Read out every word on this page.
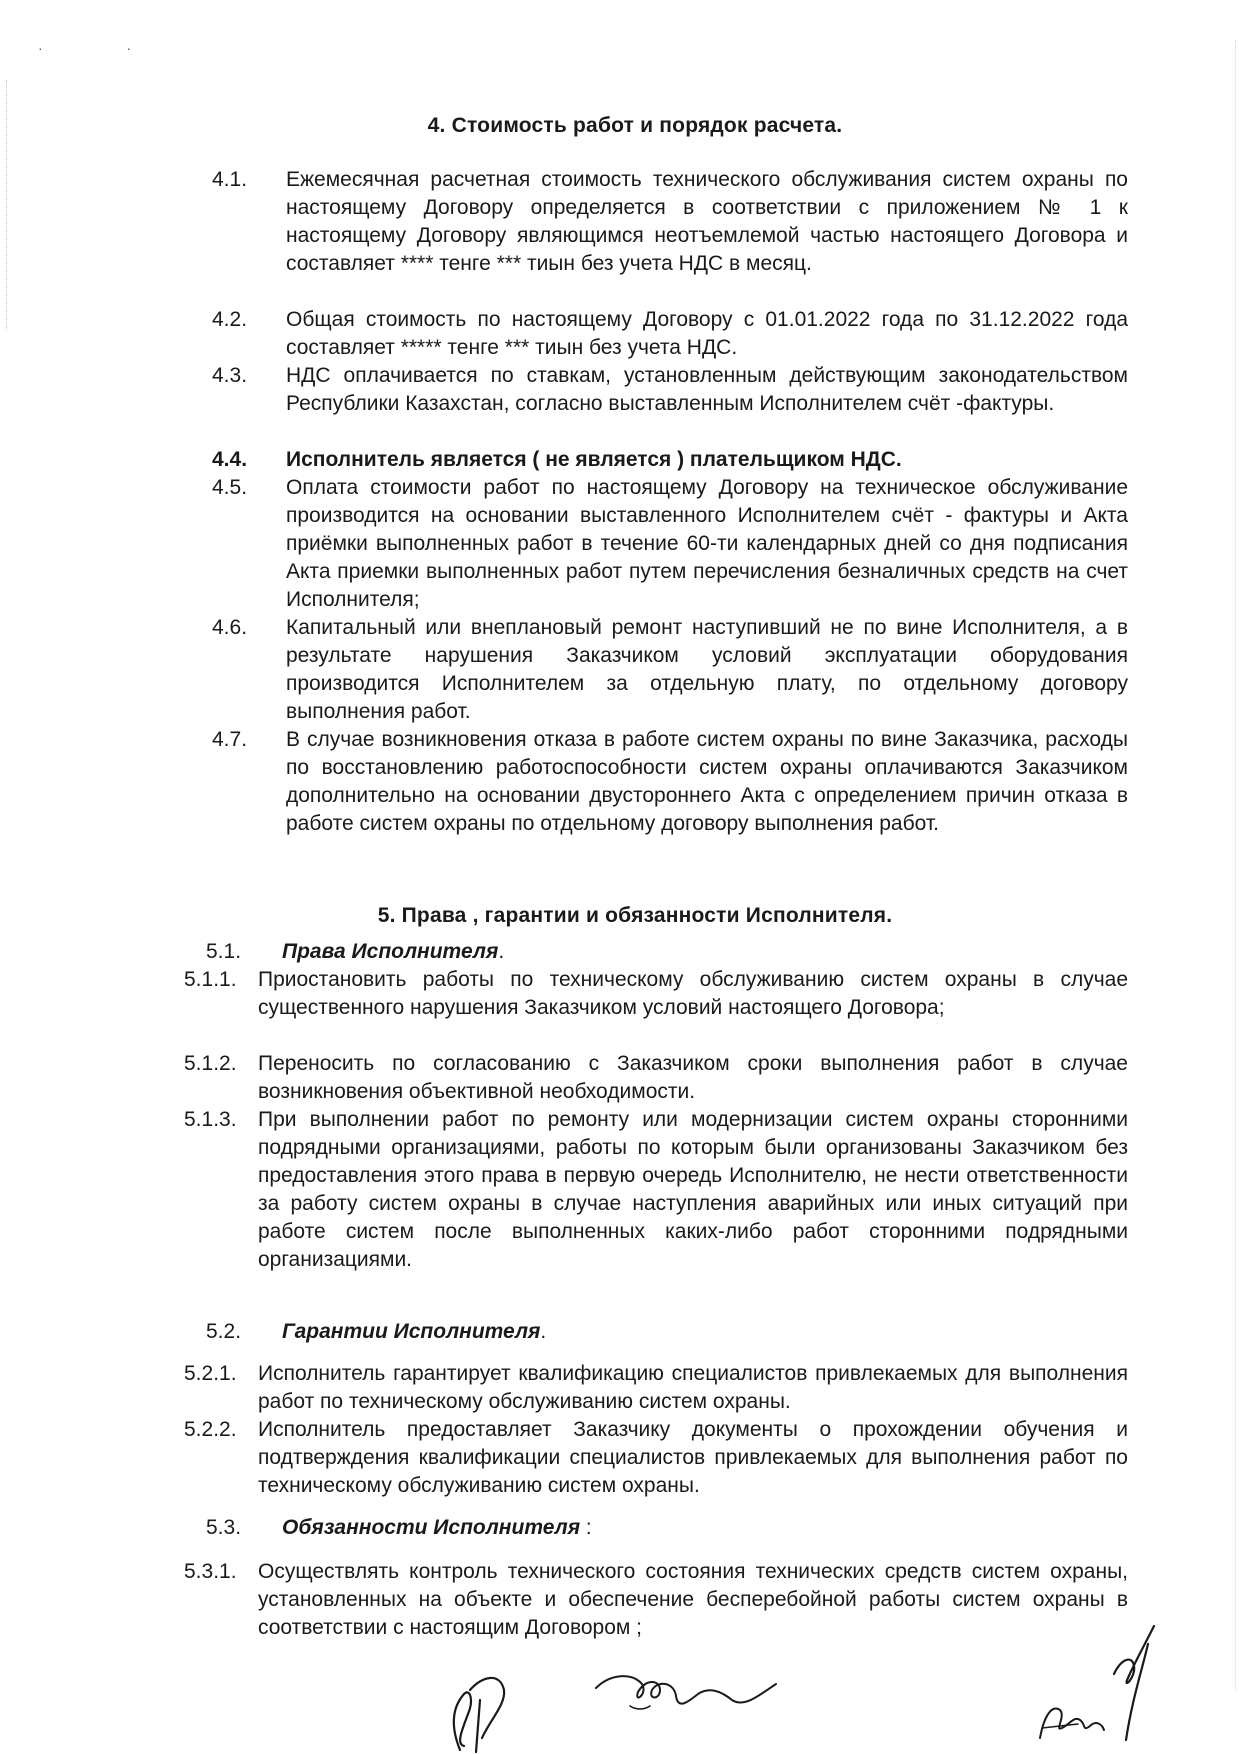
· ·
4. Стоимость работ и порядок расчета.
4.1. Ежемесячная расчетная стоимость технического обслуживания систем охраны по настоящему Договору определяется в соответствии с приложением № 1 к настоящему Договору являющимся неотъемлемой частью настоящего Договора и составляет **** тенге *** тиын без учета НДС в месяц.
4.2. Общая стоимость по настоящему Договору с 01.01.2022 года по 31.12.2022 года составляет ***** тенге *** тиын без учета НДС.
4.3. НДС оплачивается по ставкам, установленным действующим законодательством Республики Казахстан, согласно выставленным Исполнителем счёт -фактуры.
4.4. Исполнитель является ( не является ) плательщиком НДС.
4.5. Оплата стоимости работ по настоящему Договору на техническое обслуживание производится на основании выставленного Исполнителем счёт - фактуры и Акта приёмки выполненных работ в течение 60-ти календарных дней со дня подписания Акта приемки выполненных работ путем перечисления безналичных средств на счет Исполнителя;
4.6. Капитальный или внеплановый ремонт наступивший не по вине Исполнителя, а в результате нарушения Заказчиком условий эксплуатации оборудования производится Исполнителем за отдельную плату, по отдельному договору выполнения работ.
4.7. В случае возникновения отказа в работе систем охраны по вине Заказчика, расходы по восстановлению работоспособности систем охраны оплачиваются Заказчиком дополнительно на основании двустороннего Акта с определением причин отказа в работе систем охраны по отдельному договору выполнения работ.
5. Права , гарантии и обязанности Исполнителя.
5.1. Права Исполнителя.
5.1.1. Приостановить работы по техническому обслуживанию систем охраны в случае существенного нарушения Заказчиком условий настоящего Договора;
5.1.2. Переносить по согласованию с Заказчиком сроки выполнения работ в случае возникновения объективной необходимости.
5.1.3. При выполнении работ по ремонту или модернизации систем охраны сторонними подрядными организациями, работы по которым были организованы Заказчиком без предоставления этого права в первую очередь Исполнителю, не нести ответственности за работу систем охраны в случае наступления аварийных или иных ситуаций при работе систем после выполненных каких-либо работ сторонними подрядными организациями.
5.2. Гарантии Исполнителя.
5.2.1. Исполнитель гарантирует квалификацию специалистов привлекаемых для выполнения работ по техническому обслуживанию систем охраны.
5.2.2. Исполнитель предоставляет Заказчику документы о прохождении обучения и подтверждения квалификации специалистов привлекаемых для выполнения работ по техническому обслуживанию систем охраны.
5.3. Обязанности Исполнителя :
5.3.1. Осуществлять контроль технического состояния технических средств систем охраны, установленных на объекте и обеспечение бесперебойной работы систем охраны в соответствии с настоящим Договором ;
